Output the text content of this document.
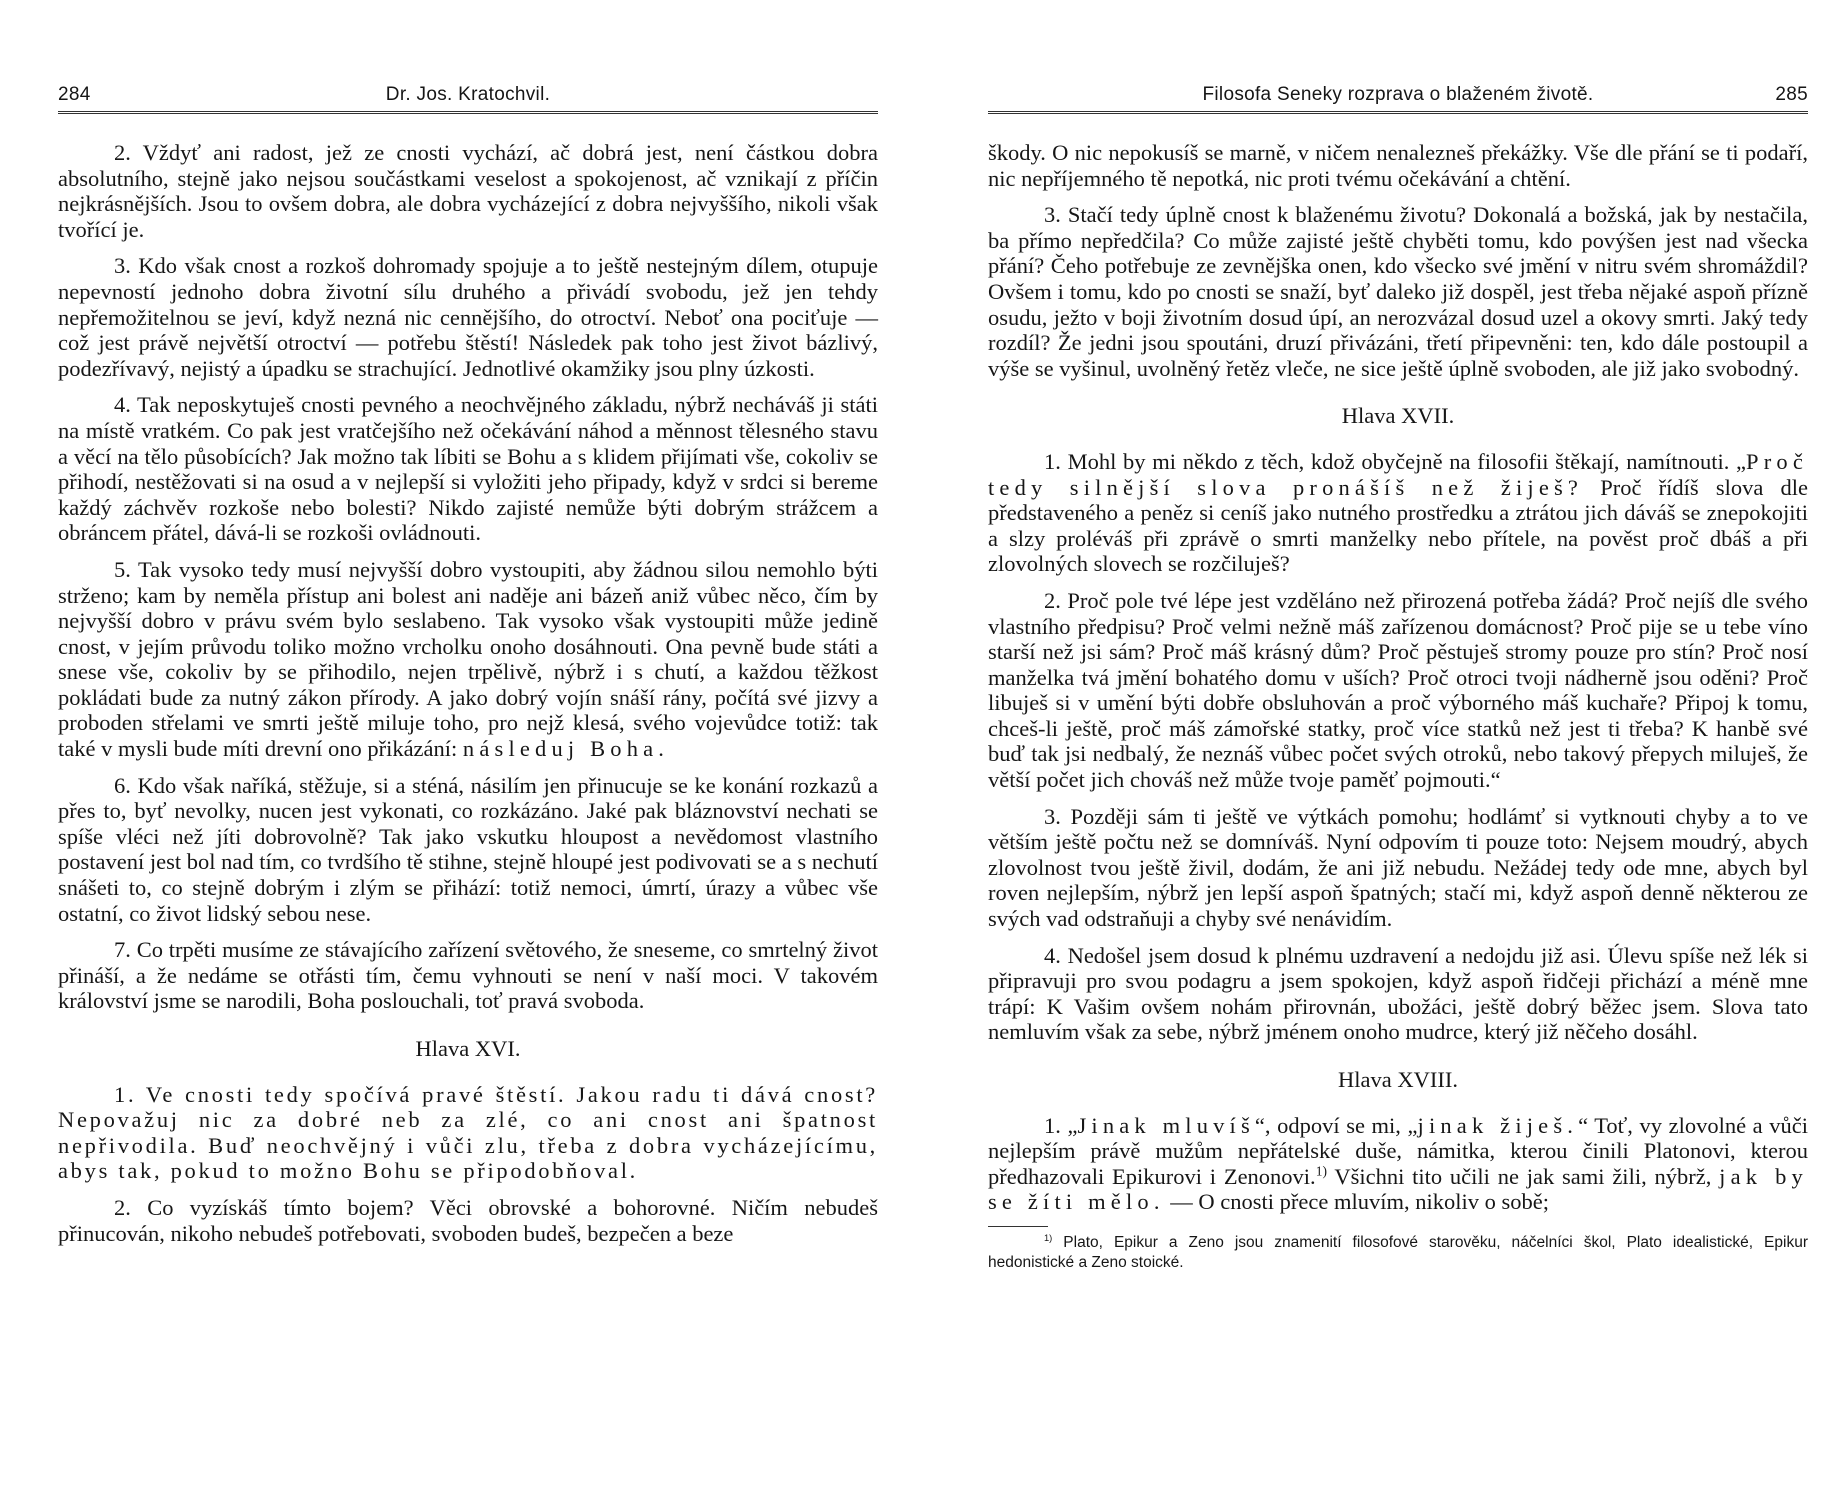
284	Dr. Jos. Kratochvil.

2. Vždyť ani radost, jež ze cnosti vychází, ač dobrá jest, není částkou dobra absolutního, stejně jako nejsou součástkami veselost a spokojenost, ač vznikají z příčin nejkrásnějších. Jsou to ovšem dobra, ale dobra vycházející z dobra nejvyššího, nikoli však tvořící je.

3. Kdo však cnost a rozkoš dohromady spojuje a to ještě nestejným dílem, otupuje nepevností jednoho dobra životní sílu druhého a přivádí svobodu, jež jen tehdy nepřemožitelnou se jeví, když nezná nic cennějšího, do otroctví. Neboť ona pociťuje — což jest právě největší otroctví — potřebu štěstí! Následek pak toho jest život bázlivý, podezřívavý, nejistý a úpadku se strachující. Jednotlivé okamžiky jsou plny úzkosti.

4. Tak neposkytuješ cnosti pevného a neochvějného základu, nýbrž necháváš ji státi na místě vratkém. Co pak jest vratčejšího než očekávání náhod a měnnost tělesného stavu a věcí na tělo působících? Jak možno tak líbiti se Bohu a s klidem přijímati vše, cokoliv se přihodí, nestěžovati si na osud a v nejlepší si vyložiti jeho připady, když v srdci si bereme každý záchvěv rozkoše nebo bolesti? Nikdo zajisté nemůže býti dobrým strážcem a obráncem přátel, dává-li se rozkoši ovládnouti.

5. Tak vysoko tedy musí nejvyšší dobro vystoupiti, aby žádnou silou nemohlo býti strženo; kam by neměla přístup ani bolest ani naděje ani bázeň aniž vůbec něco, čím by nejvyšší dobro v právu svém bylo seslabeno. Tak vysoko však vystoupiti může jedině cnost, v jejím průvodu toliko možno vrcholku onoho dosáhnouti. Ona pevně bude státi a snese vše, cokoliv by se přihodilo, nejen trpělivě, nýbrž i s chutí, a každou těžkost pokládati bude za nutný zákon přírody. A jako dobrý vojín snáší rány, počítá své jizvy a proboden střelami ve smrti ještě miluje toho, pro nejž klesá, svého vojevůdce totiž: tak také v mysli bude míti drevní ono přikázání: následuj Boha.

6. Kdo však naříká, stěžuje, si a sténá, násilím jen přinucuje se ke konání rozkazů a přes to, byť nevolky, nucen jest vykonati, co rozkázáno. Jaké pak bláznovství nechati se spíše vléci než jíti dobrovolně? Tak jako vskutku hloupost a nevědomost vlastního postavení jest bol nad tím, co tvrdšího tě stihne, stejně hloupé jest podivovati se a s nechutí snášeti to, co stejně dobrým i zlým se přihází: totiž nemoci, úmrtí, úrazy a vůbec vše ostatní, co život lidský sebou nese.

7. Co trpěti musíme ze stávajícího zařízení světového, že sneseme, co smrtelný život přináší, a že nedáme se otřásti tím, čemu vyhnouti se není v naší moci. V takovém království jsme se narodili, Boha poslouchali, toť pravá svoboda.

Hlava XVI.

1. Ve cnosti tedy spočívá pravé štěstí. Jakou radu ti dává cnost? Nepovažuj nic za dobré neb za zlé, co ani cnost ani špatnost nepřivodila. Buď neochvějný i vůči zlu, třeba z dobra vycházejícímu, abys tak, pokud to možno Bohu se připodobňoval.

2. Co vyzískáš tímto bojem? Věci obrovské a bohorovné. Ničím nebudeš přinucován, nikoho nebudeš potřebovati, svoboden budeš, bezpečen a beze

Filosofa Seneky rozprava o blaženém životě.	285

škody. O nic nepokusíš se marně, v ničem nenalezneš překážky. Vše dle přání se ti podaří, nic nepříjemného tě nepotká, nic proti tvému očekávání a chtění.

3. Stačí tedy úplně cnost k blaženému životu? Dokonalá a božská, jak by nestačila, ba přímo nepředčila? Co může zajisté ještě chyběti tomu, kdo povýšen jest nad všecka přání? Čeho potřebuje ze zevnějška onen, kdo všecko své jmění v nitru svém shromáždil? Ovšem i tomu, kdo po cnosti se snaží, byť daleko již dospěl, jest třeba nějaké aspoň přízně osudu, ježto v boji životním dosud úpí, an nerozvázal dosud uzel a okovy smrti. Jaký tedy rozdíl? Že jedni jsou spoutáni, druzí přivázáni, třetí připevněni: ten, kdo dále postoupil a výše se vyšinul, uvolněný řetěz vleče, ne sice ještě úplně svoboden, ale již jako svobodný.

Hlava XVII.

1. Mohl by mi někdo z těch, kdož obyčejně na filosofii štěkají, namítnouti. „Proč tedy silnější slova pronášíš než žiješ? Proč řídíš slova dle představeného a peněz si ceníš jako nutného prostředku a ztrátou jich dáváš se znepokojiti a slzy proléváš při zprávě o smrti manželky nebo přítele, na pověst proč dbáš a při zlovolných slovech se rozčiluješ?

2. Proč pole tvé lépe jest vzděláno než přirozená potřeba žádá? Proč nejíš dle svého vlastního předpisu? Proč velmi nežně máš zařízenou domácnost? Proč pije se u tebe víno starší než jsi sám? Proč máš krásný dům? Proč pěstuješ stromy pouze pro stín? Proč nosí manželka tvá jmění bohatého domu v uších? Proč otroci tvoji nádherně jsou oděni? Proč libuješ si v umění býti dobře obsluhován a proč výborného máš kuchaře? Připoj k tomu, chceš-li ještě, proč máš zámořské statky, proč více statků než jest ti třeba? K hanbě své buď tak jsi nedbalý, že neznáš vůbec počet svých otroků, nebo takový přepych miluješ, že větší počet jich chováš než může tvoje paměť pojmouti.“

3. Později sám ti ještě ve výtkách pomohu; hodlámť si vytknouti chyby a to ve větším ještě počtu než se domníváš. Nyní odpovím ti pouze toto: Nejsem moudrý, abych zlovolnost tvou ještě živil, dodám, že ani již nebudu. Nežádej tedy ode mne, abych byl roven nejlepším, nýbrž jen lepší aspoň špatných; stačí mi, když aspoň denně některou ze svých vad odstraňuji a chyby své nenávidím.

4. Nedošel jsem dosud k plnému uzdravení a nedojdu již asi. Úlevu spíše než lék si připravuji pro svou podagru a jsem spokojen, když aspoň řidčeji přichází a méně mne trápí: K Vašim ovšem nohám přirovnán, ubožáci, ještě dobrý běžec jsem. Slova tato nemluvím však za sebe, nýbrž jménem onoho mudrce, který již něčeho dosáhl.

Hlava XVIII.

1. „Jinak mluvíš“, odpoví se mi, „jinak žiješ.“ Toť, vy zlovolné a vůči nejlepším právě mužům nepřátelské duše, námitka, kterou činili Platonovi, kterou předhazovali Epikurovi i Zenonovi.$^{1)}$ Všichni tito učili ne jak sami žili, nýbrž, jak by se žíti mělo. — O cnosti přece mluvím, nikoliv o sobě;

$^{1)}$ Plato, Epikur a Zeno jsou znamenití filosofové starověku, náčelníci škol, Plato idealistické, Epikur hedonistické a Zeno stoické.
